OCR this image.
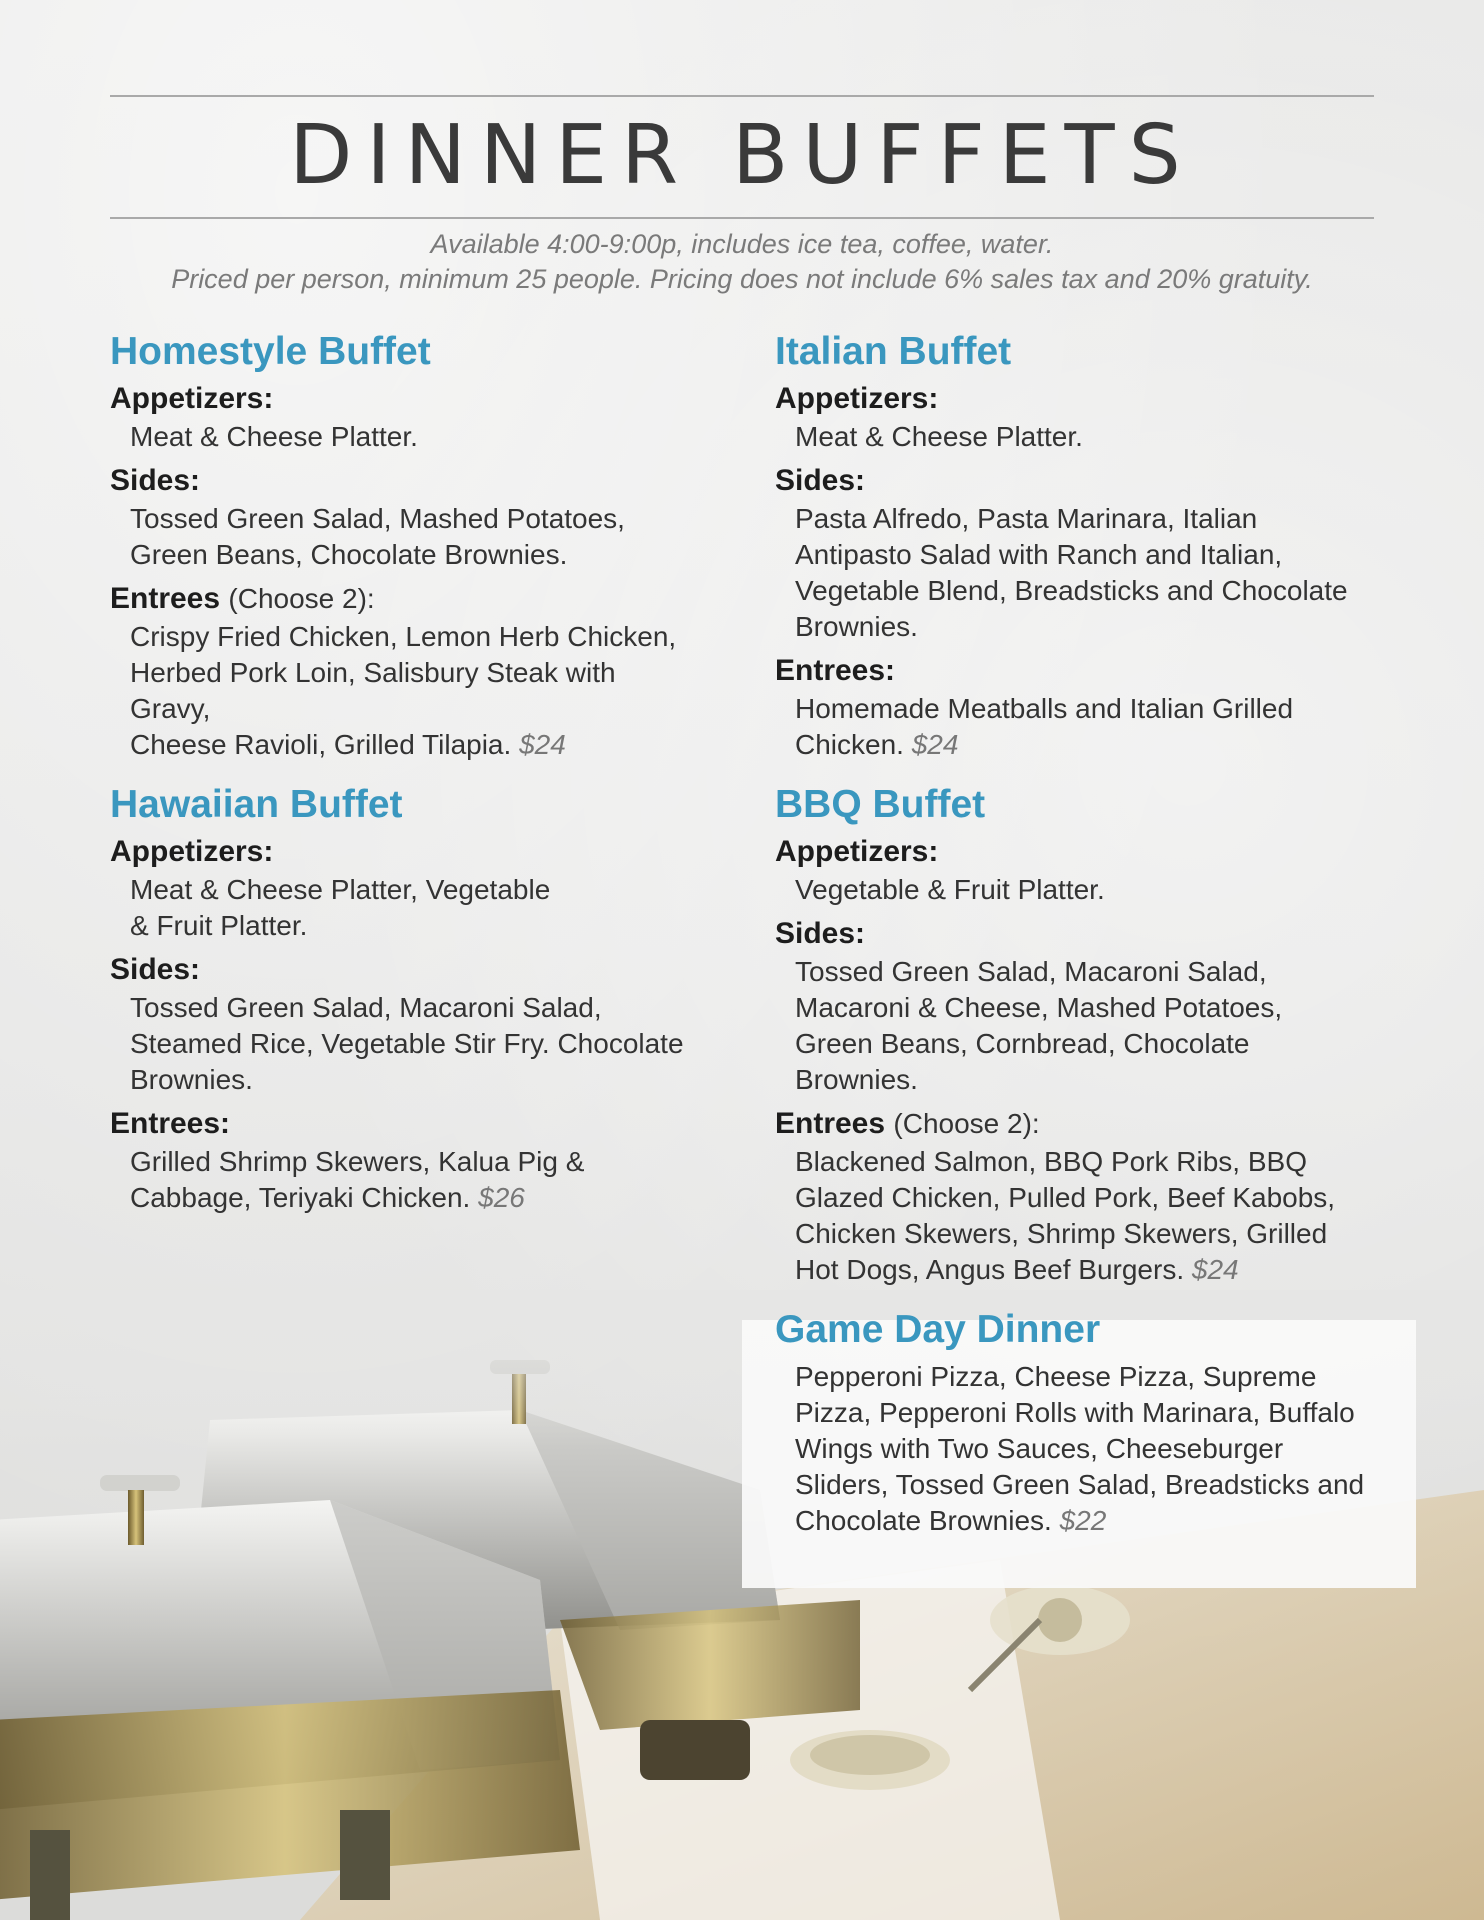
DINNER BUFFETS
Available 4:00-9:00p, includes ice tea, coffee, water.
Priced per person, minimum 25 people. Pricing does not include 6% sales tax and 20% gratuity.
Homestyle Buffet
Appetizers:
Meat & Cheese Platter.
Sides:
Tossed Green Salad, Mashed Potatoes,
Green Beans, Chocolate Brownies.
Entrees (Choose 2):
Crispy Fried Chicken, Lemon Herb Chicken,
Herbed Pork Loin, Salisbury Steak with
Gravy,
Cheese Ravioli, Grilled Tilapia. $24
Hawaiian Buffet
Appetizers:
Meat & Cheese Platter, Vegetable
& Fruit Platter.
Sides:
Tossed Green Salad, Macaroni Salad,
Steamed Rice, Vegetable Stir Fry. Chocolate
Brownies.
Entrees:
Grilled Shrimp Skewers, Kalua Pig &
Cabbage, Teriyaki Chicken. $26
Italian Buffet
Appetizers:
Meat & Cheese Platter.
Sides:
Pasta Alfredo, Pasta Marinara, Italian
Antipasto Salad with Ranch and Italian,
Vegetable Blend, Breadsticks and Chocolate
Brownies.
Entrees:
Homemade Meatballs and Italian Grilled
Chicken. $24
BBQ Buffet
Appetizers:
Vegetable & Fruit Platter.
Sides:
Tossed Green Salad, Macaroni Salad,
Macaroni & Cheese, Mashed Potatoes,
Green Beans, Cornbread, Chocolate
Brownies.
Entrees (Choose 2):
Blackened Salmon, BBQ Pork Ribs, BBQ
Glazed Chicken, Pulled Pork, Beef Kabobs,
Chicken Skewers, Shrimp Skewers, Grilled
Hot Dogs, Angus Beef Burgers. $24
Game Day Dinner
Pepperoni Pizza, Cheese Pizza, Supreme
Pizza, Pepperoni Rolls with Marinara, Buffalo
Wings with Two Sauces, Cheeseburger
Sliders, Tossed Green Salad, Breadsticks and
Chocolate Brownies. $22
